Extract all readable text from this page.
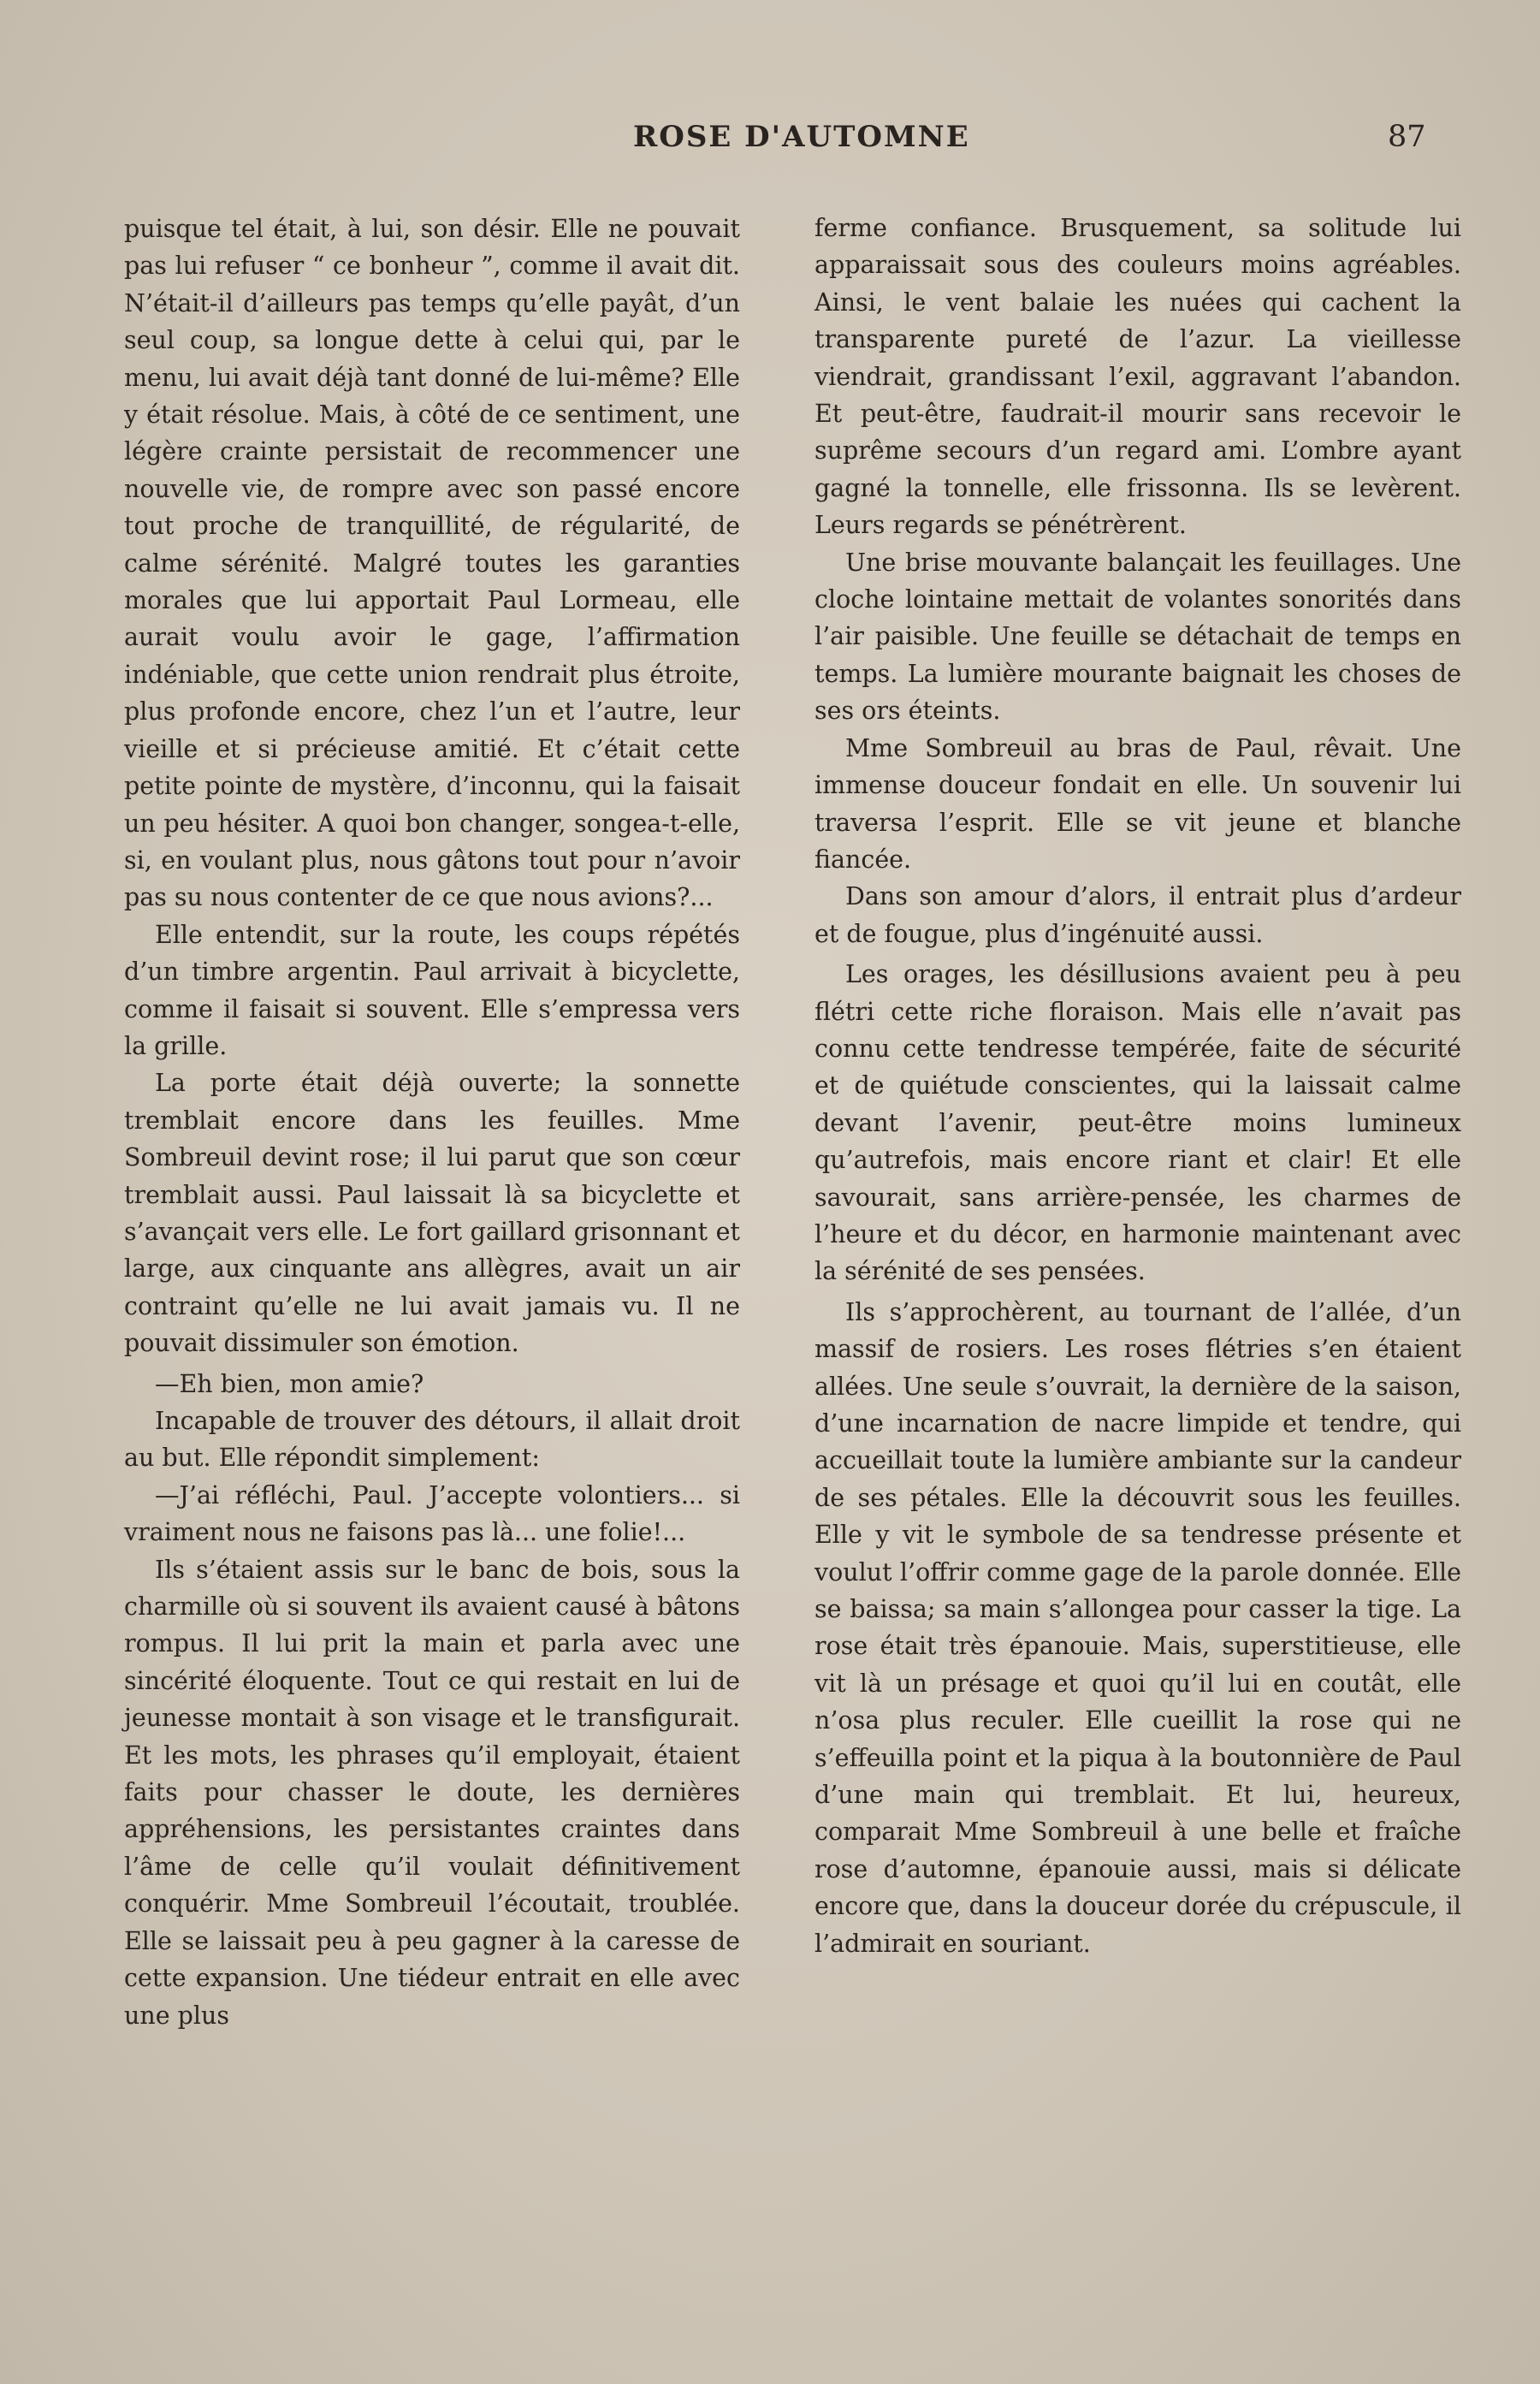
ROSE D'AUTOMNE	87

puisque tel était, à lui, son désir. Elle ne pouvait pas lui refuser “ ce bonheur ”, comme il avait dit. N’était-il d’ailleurs pas temps qu’elle payât, d’un seul coup, sa longue dette à celui qui, par le menu, lui avait déjà tant donné de lui-même? Elle y était résolue. Mais, à côté de ce sentiment, une légère crainte persistait de recommencer une nouvelle vie, de rompre avec son passé encore tout proche de tranquillité, de régularité, de calme sérénité. Malgré toutes les garanties morales que lui apportait Paul Lormeau, elle aurait voulu avoir le gage, l’affirmation indéniable, que cette union rendrait plus étroite, plus profonde encore, chez l’un et l’autre, leur vieille et si précieuse amitié. Et c’était cette petite pointe de mystère, d’inconnu, qui la faisait un peu hésiter. A quoi bon changer, songea-t-elle, si, en voulant plus, nous gâtons tout pour n’avoir pas su nous contenter de ce que nous avions?...

Elle entendit, sur la route, les coups répétés d’un timbre argentin. Paul arrivait à bicyclette, comme il faisait si souvent. Elle s’empressa vers la grille.

La porte était déjà ouverte; la sonnette tremblait encore dans les feuilles. Mme Sombreuil devint rose; il lui parut que son cœur tremblait aussi. Paul laissait là sa bicyclette et s’avançait vers elle. Le fort gaillard grisonnant et large, aux cinquante ans allègres, avait un air contraint qu’elle ne lui avait jamais vu. Il ne pouvait dissimuler son émotion.

—Eh bien, mon amie?

Incapable de trouver des détours, il allait droit au but. Elle répondit simplement:

—J’ai réfléchi, Paul. J’accepte volontiers... si vraiment nous ne faisons pas là... une folie!...

Ils s’étaient assis sur le banc de bois, sous la charmille où si souvent ils avaient causé à bâtons rompus. Il lui prit la main et parla avec une sincérité éloquente. Tout ce qui restait en lui de jeunesse montait à son visage et le transfigurait. Et les mots, les phrases qu’il employait, étaient faits pour chasser le doute, les dernières appréhensions, les persistantes craintes dans l’âme de celle qu’il voulait définitivement conquérir. Mme Sombreuil l’écoutait, troublée. Elle se laissait peu à peu gagner à la caresse de cette expansion. Une tiédeur entrait en elle avec une plus

ferme confiance. Brusquement, sa solitude lui apparaissait sous des couleurs moins agréables. Ainsi, le vent balaie les nuées qui cachent la transparente pureté de l’azur. La vieillesse viendrait, grandissant l’exil, aggravant l’abandon. Et peut-être, faudrait-il mourir sans recevoir le suprême secours d’un regard ami. L’ombre ayant gagné la tonnelle, elle frissonna. Ils se levèrent. Leurs regards se pénétrèrent.

Une brise mouvante balançait les feuillages. Une cloche lointaine mettait de volantes sonorités dans l’air paisible. Une feuille se détachait de temps en temps. La lumière mourante baignait les choses de ses ors éteints.

Mme Sombreuil au bras de Paul, rêvait. Une immense douceur fondait en elle. Un souvenir lui traversa l’esprit. Elle se vit jeune et blanche fiancée.

Dans son amour d’alors, il entrait plus d’ardeur et de fougue, plus d’ingénuité aussi.

Les orages, les désillusions avaient peu à peu flétri cette riche floraison. Mais elle n’avait pas connu cette tendresse tempérée, faite de sécurité et de quiétude conscientes, qui la laissait calme devant l’avenir, peut-être moins lumineux qu’autrefois, mais encore riant et clair! Et elle savourait, sans arrière-pensée, les charmes de l’heure et du décor, en harmonie maintenant avec la sérénité de ses pensées.

Ils s’approchèrent, au tournant de l’allée, d’un massif de rosiers. Les roses flétries s’en étaient allées. Une seule s’ouvrait, la dernière de la saison, d’une incarnation de nacre limpide et tendre, qui accueillait toute la lumière ambiante sur la candeur de ses pétales. Elle la découvrit sous les feuilles. Elle y vit le symbole de sa tendresse présente et voulut l’offrir comme gage de la parole donnée. Elle se baissa; sa main s’allongea pour casser la tige. La rose était très épanouie. Mais, superstitieuse, elle vit là un présage et quoi qu’il lui en coutât, elle n’osa plus reculer. Elle cueillit la rose qui ne s’effeuilla point et la piqua à la boutonnière de Paul d’une main qui tremblait. Et lui, heureux, comparait Mme Sombreuil à une belle et fraîche rose d’automne, épanouie aussi, mais si délicate encore que, dans la douceur dorée du crépuscule, il l’admirait en souriant.
